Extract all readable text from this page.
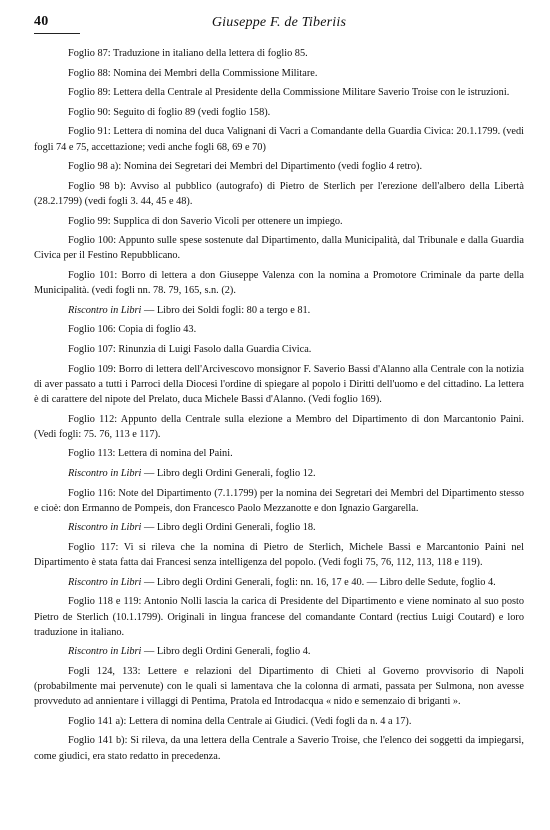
40	Giuseppe F. de Tiberiis

Foglio 87: Traduzione in italiano della lettera di foglio 85.

Foglio 88: Nomina dei Membri della Commissione Militare.

Foglio 89: Lettera della Centrale al Presidente della Commissione Militare Saverio Troise con le istruzioni.

Foglio 90: Seguito di foglio 89 (vedi foglio 158).

Foglio 91: Lettera di nomina del duca Valignani di Vacri a Comandante della Guardia Civica: 20.1.1799. (vedi fogli 74 e 75, accettazione; vedi anche fogli 68, 69 e 70)

Foglio 98 a): Nomina dei Segretari dei Membri del Dipartimento (vedi foglio 4 retro).

Foglio 98 b): Avviso al pubblico (autografo) di Pietro de Sterlich per l'erezione dell'albero della Libertà (28.2.1799) (vedi fogli 3. 44, 45 e 48).

Foglio 99: Supplica di don Saverio Vicoli per ottenere un impiego.

Foglio 100: Appunto sulle spese sostenute dal Dipartimento, dalla Municipalità, dal Tribunale e dalla Guardia Civica per il Festino Repubblicano.

Foglio 101: Borro di lettera a don Giuseppe Valenza con la nomina a Promotore Criminale da parte della Municipalità. (vedi fogli nn. 78. 79, 165, s.n. (2).

Riscontro in Libri — Libro dei Soldi fogli: 80 a tergo e 81.

Foglio 106: Copia di foglio 43.

Foglio 107: Rinunzia di Luigi Fasolo dalla Guardia Civica.

Foglio 109: Borro di lettera dell'Arcivescovo monsignor F. Saverio Bassi d'Alanno alla Centrale con la notizia di aver passato a tutti i Parroci della Diocesi l'ordine di spiegare al popolo i Diritti dell'uomo e del cittadino. La lettera è di carattere del nipote del Prelato, duca Michele Bassi d'Alanno. (Vedi foglio 169).

Foglio 112: Appunto della Centrale sulla elezione a Membro del Dipartimento di don Marcantonio Paini. (Vedi fogli: 75. 76, 113 e 117).

Foglio 113: Lettera di nomina del Paini.

Riscontro in Libri — Libro degli Ordini Generali, foglio 12.

Foglio 116: Note del Dipartimento (7.1.1799) per la nomina dei Segretari dei Membri del Dipartimento stesso e cioè: don Ermanno de Pompeis, don Francesco Paolo Mezzanotte e don Ignazio Gargarella.

Riscontro in Libri — Libro degli Ordini Generali, foglio 18.

Foglio 117: Vi si rileva che la nomina di Pietro de Sterlich, Michele Bassi e Marcantonio Paini nel Dipartimento è stata fatta dai Francesi senza intelligenza del popolo. (Vedi fogli 75, 76, 112, 113, 118 e 119).

Riscontro in Libri — Libro degli Ordini Generali, fogli: nn. 16, 17 e 40. — Libro delle Sedute, foglio 4.

Foglio 118 e 119: Antonio Nolli lascia la carica di Presidente del Dipartimento e viene nominato al suo posto Pietro de Sterlich (10.1.1799). Originali in lingua francese del comandante Contard (rectius Luigi Coutard) e loro traduzione in italiano.

Riscontro in Libri — Libro degli Ordini Generali, foglio 4.

Fogli 124, 133: Lettere e relazioni del Dipartimento di Chieti al Governo provvisorio di Napoli (probabilmente mai pervenute) con le quali si lamentava che la colonna di armati, passata per Sulmona, non avesse provveduto ad annientare i villaggi di Pentima, Pratola ed Introdacqua « nido e semenzaio di briganti ».

Foglio 141 a): Lettera di nomina della Centrale ai Giudici. (Vedi fogli da n. 4 a 17).

Foglio 141 b): Si rileva, da una lettera della Centrale a Saverio Troise, che l'elenco dei soggetti da impiegarsi, come giudici, era stato redatto in precedenza.
